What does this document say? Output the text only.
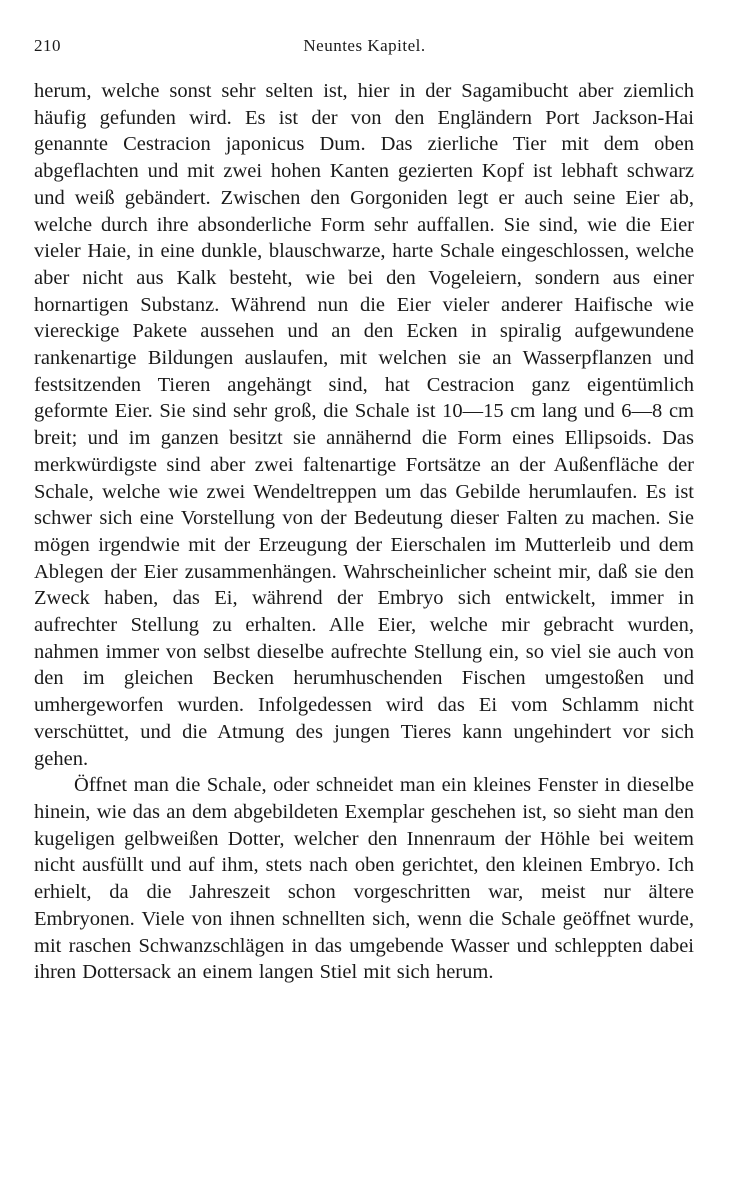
210	Neuntes Kapitel.

herum, welche sonst sehr selten ist, hier in der Sagamibucht aber ziemlich häufig gefunden wird. Es ist der von den Engländern Port Jackson-Hai genannte Cestracion japonicus Dum. Das zierliche Tier mit dem oben abgeflachten und mit zwei hohen Kanten gezierten Kopf ist lebhaft schwarz und weiß gebändert. Zwischen den Gorgoniden legt er auch seine Eier ab, welche durch ihre absonderliche Form sehr auffallen. Sie sind, wie die Eier vieler Haie, in eine dunkle, blauschwarze, harte Schale eingeschlossen, welche aber nicht aus Kalk besteht, wie bei den Vogeleiern, sondern aus einer hornartigen Substanz. Während nun die Eier vieler anderer Haifische wie viereckige Pakete aussehen und an den Ecken in spiralig aufgewundene rankenartige Bildungen auslaufen, mit welchen sie an Wasserpflanzen und festsitzenden Tieren angehängt sind, hat Cestracion ganz eigentümlich geformte Eier. Sie sind sehr groß, die Schale ist 10—15 cm lang und 6—8 cm breit; und im ganzen besitzt sie annähernd die Form eines Ellipsoids. Das merkwürdigste sind aber zwei faltenartige Fortsätze an der Außenfläche der Schale, welche wie zwei Wendeltreppen um das Gebilde herumlaufen. Es ist schwer sich eine Vorstellung von der Bedeutung dieser Falten zu machen. Sie mögen irgendwie mit der Erzeugung der Eierschalen im Mutterleib und dem Ablegen der Eier zusammenhängen. Wahrscheinlicher scheint mir, daß sie den Zweck haben, das Ei, während der Embryo sich entwickelt, immer in aufrechter Stellung zu erhalten. Alle Eier, welche mir gebracht wurden, nahmen immer von selbst dieselbe aufrechte Stellung ein, so viel sie auch von den im gleichen Becken herumhuschenden Fischen umgestoßen und umhergeworfen wurden. Infolgedessen wird das Ei vom Schlamm nicht verschüttet, und die Atmung des jungen Tieres kann ungehindert vor sich gehen.

Öffnet man die Schale, oder schneidet man ein kleines Fenster in dieselbe hinein, wie das an dem abgebildeten Exemplar geschehen ist, so sieht man den kugeligen gelbweißen Dotter, welcher den Innenraum der Höhle bei weitem nicht ausfüllt und auf ihm, stets nach oben gerichtet, den kleinen Embryo. Ich erhielt, da die Jahreszeit schon vorgeschritten war, meist nur ältere Embryonen. Viele von ihnen schnellten sich, wenn die Schale geöffnet wurde, mit raschen Schwanzschlägen in das umgebende Wasser und schleppten dabei ihren Dottersack an einem langen Stiel mit sich herum.
